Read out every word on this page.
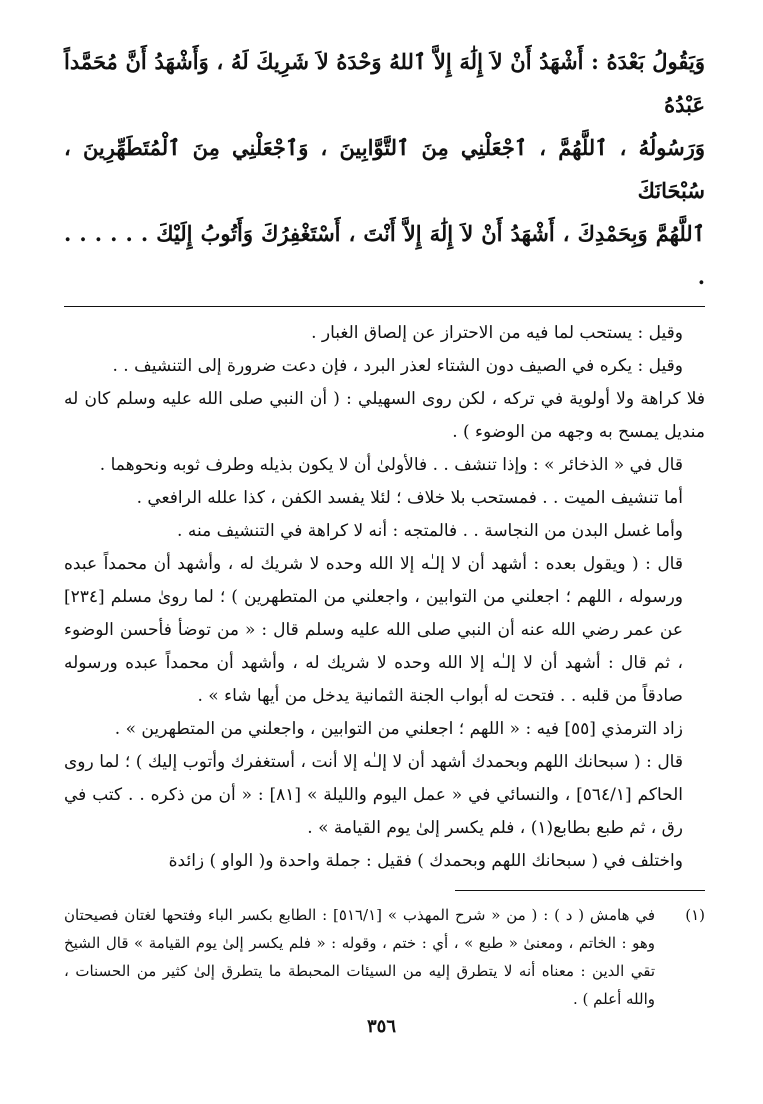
وَيَقُولُ بَعْدَهُ : أَشْهَدُ أَنْ لاَ إِلَٰهَ إِلاَّ ٱللهُ وَحْدَهُ لاَ شَرِيكَ لَهُ ، وَأَشْهَدُ أَنَّ مُحَمَّداً عَبْدُهُ

وَرَسُولُهُ ، ٱللَّهُمَّ ، ٱجْعَلْنِي مِنَ ٱلتَّوَّابِينَ ، وَٱجْعَلْنِي مِنَ ٱلْمُتَطَهِّرِينَ ، سُبْحَانَكَ

ٱللَّهُمَّ وَبِحَمْدِكَ ، أَشْهَدُ أَنْ لاَ إِلَٰهَ إِلاَّ أَنْتَ ، أَسْتَغْفِرُكَ وَأَتُوبُ إِلَيْكَ . . . . . . .

وقيل : يستحب لما فيه من الاحتراز عن إلصاق الغبار .

وقيل : يكره في الصيف دون الشتاء لعذر البرد ، فإن دعت ضرورة إلى التنشيف . .

فلا كراهة ولا أولوية في تركه ، لكن روى السهيلي : ( أن النبي صلى الله عليه وسلم كان له منديل يمسح به وجهه من الوضوء ) .

قال في « الذخائر » : وإذا تنشف . . فالأولىٰ أن لا يكون بذيله وطرف ثوبه ونحوهما .

أما تنشيف الميت . . فمستحب بلا خلاف ؛ لئلا يفسد الكفن ، كذا علله الرافعي .

وأما غسل البدن من النجاسة . . فالمتجه : أنه لا كراهة في التنشيف منه .

قال : ( ويقول بعده : أشهد أن لا إلـٰه إلا الله وحده لا شريك له ، وأشهد أن محمداً عبده ورسوله ، اللهم ؛ اجعلني من التوابين ، واجعلني من المتطهرين ) ؛ لما روىٰ مسلم [٢٣٤] عن عمر رضي الله عنه أن النبي صلى الله عليه وسلم قال : « من توضأ فأحسن الوضوء ، ثم قال : أشهد أن لا إلـٰه إلا الله وحده لا شريك له ، وأشهد أن محمداً عبده ورسوله صادقاً من قلبه . . فتحت له أبواب الجنة الثمانية يدخل من أيها شاء » .

زاد الترمذي [٥٥] فيه : « اللهم ؛ اجعلني من التوابين ، واجعلني من المتطهرين » .

قال : ( سبحانك اللهم وبحمدك أشهد أن لا إلـٰه إلا أنت ، أستغفرك وأتوب إليك ) ؛ لما روى الحاكم [٥٦٤/١] ، والنسائي في « عمل اليوم والليلة » [٨١] : « أن من ذكره . . كتب في رق ، ثم طبع بطابع(١) ، فلم يكسر إلىٰ يوم القيامة » .

واختلف في ( سبحانك اللهم وبحمدك ) فقيل : جملة واحدة و( الواو ) زائدة

(١)
في هامش ( د ) : ( من « شرح المهذب » [٥١٦/١] : الطابع بكسر الباء وفتحها لغتان فصيحتان وهو : الخاتم ، ومعنىٰ « طبع » ، أي : ختم ، وقوله : « فلم يكسر إلىٰ يوم القيامة » قال الشيخ تقي الدين : معناه أنه لا يتطرق إليه من السيئات المحبطة ما يتطرق إلىٰ كثير من الحسنات ، والله أعلم ) .
٣٥٦
